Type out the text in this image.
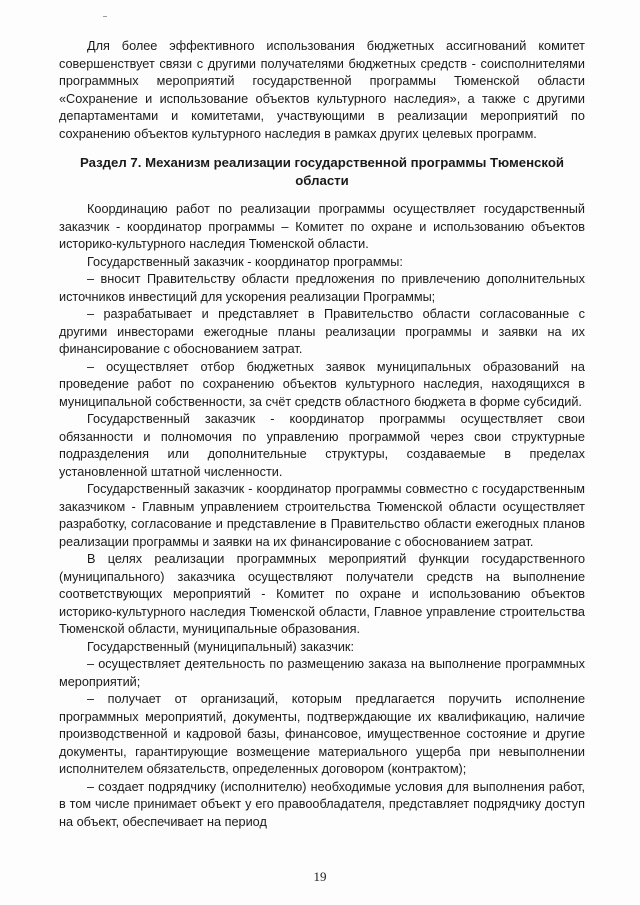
Для более эффективного использования бюджетных ассигнований комитет совершенствует связи с другими получателями бюджетных средств - соисполнителями программных мероприятий государственной программы Тюменской области «Сохранение и использование объектов культурного наследия», а также с другими департаментами и комитетами, участвующими в реализации мероприятий по сохранению объектов культурного наследия в рамках других целевых программ.

Раздел 7. Механизм реализации государственной программы Тюменской области

Координацию работ по реализации программы осуществляет государственный заказчик - координатор программы – Комитет по охране и использованию объектов историко-культурного наследия Тюменской области.

Государственный заказчик - координатор программы:

– вносит Правительству области предложения по привлечению дополнительных источников инвестиций для ускорения реализации Программы;

– разрабатывает и представляет в Правительство области согласованные с другими инвесторами ежегодные планы реализации программы и заявки на их финансирование с обоснованием затрат.

– осуществляет отбор бюджетных заявок муниципальных образований на проведение работ по сохранению объектов культурного наследия, находящихся в муниципальной собственности, за счёт средств областного бюджета в форме субсидий.

Государственный заказчик - координатор программы осуществляет свои обязанности и полномочия по управлению программой через свои структурные подразделения или дополнительные структуры, создаваемые в пределах установленной штатной численности.

Государственный заказчик - координатор программы совместно с государственным заказчиком - Главным управлением строительства Тюменской области осуществляет разработку, согласование и представление в Правительство области ежегодных планов реализации программы и заявки на их финансирование с обоснованием затрат.

В целях реализации программных мероприятий функции государственного (муниципального) заказчика осуществляют получатели средств на выполнение соответствующих мероприятий - Комитет по охране и использованию объектов историко-культурного наследия Тюменской области, Главное управление строительства Тюменской области, муниципальные образования.

Государственный (муниципальный) заказчик:

– осуществляет деятельность по размещению заказа на выполнение программных мероприятий;

– получает от организаций, которым предлагается поручить исполнение программных мероприятий, документы, подтверждающие их квалификацию, наличие производственной и кадровой базы, финансовое, имущественное состояние и другие документы, гарантирующие возмещение материального ущерба при невыполнении исполнителем обязательств, определенных договором (контрактом);

– создает подрядчику (исполнителю) необходимые условия для выполнения работ, в том числе принимает объект у его правообладателя, представляет подрядчику доступ на объект, обеспечивает на период

19
